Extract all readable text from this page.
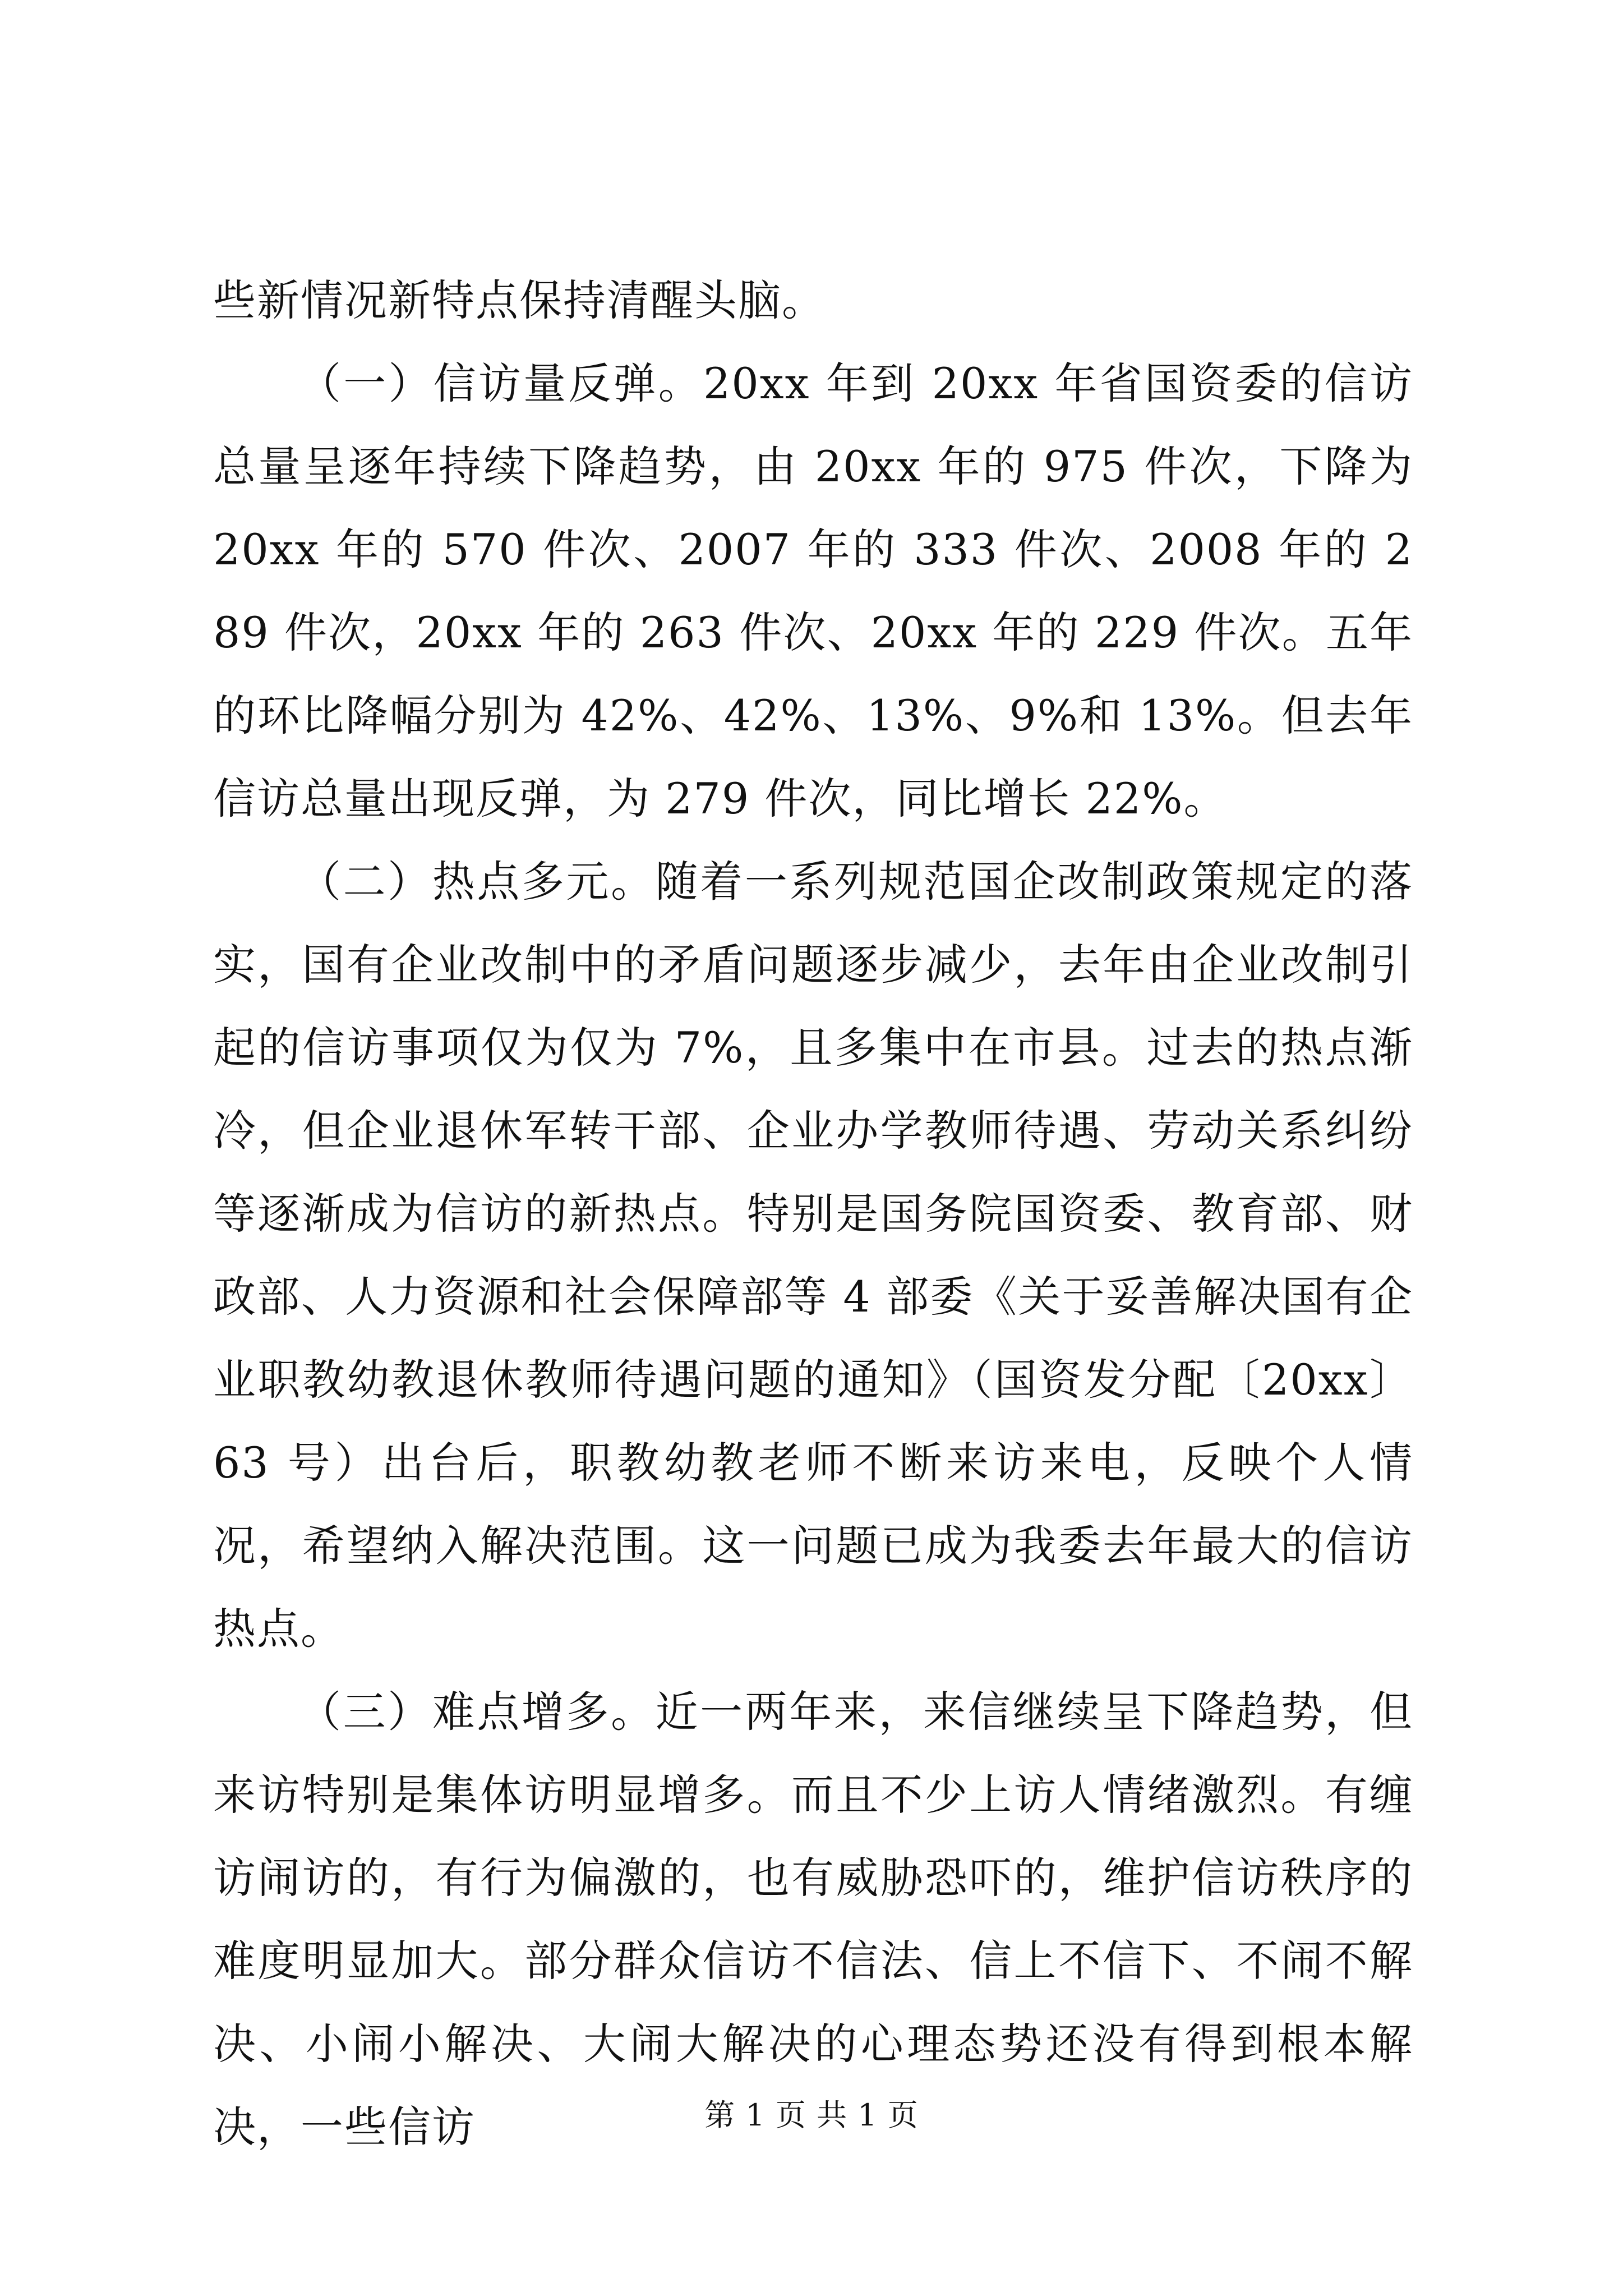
些新情况新特点保持清醒头脑。

（一）信访量反弹。20xx 年到 20xx 年省国资委的信访总量呈逐年持续下降趋势，由 20xx 年的 975 件次，下降为 20xx 年的 570 件次、2007 年的 333 件次、2008 年的 289 件次，20xx 年的 263 件次、20xx 年的 229 件次。五年的环比降幅分别为 42%、42%、13%、9%和 13%。但去年信访总量出现反弹，为 279 件次，同比增长 22%。

（二）热点多元。随着一系列规范国企改制政策规定的落实，国有企业改制中的矛盾问题逐步减少，去年由企业改制引起的信访事项仅为仅为 7%，且多集中在市县。过去的热点渐冷，但企业退休军转干部、企业办学教师待遇、劳动关系纠纷等逐渐成为信访的新热点。特别是国务院国资委、教育部、财政部、人力资源和社会保障部等 4 部委《关于妥善解决国有企业职教幼教退休教师待遇问题的通知》（国资发分配〔20xx〕63 号）出台后，职教幼教老师不断来访来电，反映个人情况，希望纳入解决范围。这一问题已成为我委去年最大的信访热点。

（三）难点增多。近一两年来，来信继续呈下降趋势，但来访特别是集体访明显增多。而且不少上访人情绪激烈。有缠访闹访的，有行为偏激的，也有威胁恐吓的，维护信访秩序的难度明显加大。部分群众信访不信法、信上不信下、不闹不解决、小闹小解决、大闹大解决的心理态势还没有得到根本解决，一些信访	第 1 页 共 1 页
